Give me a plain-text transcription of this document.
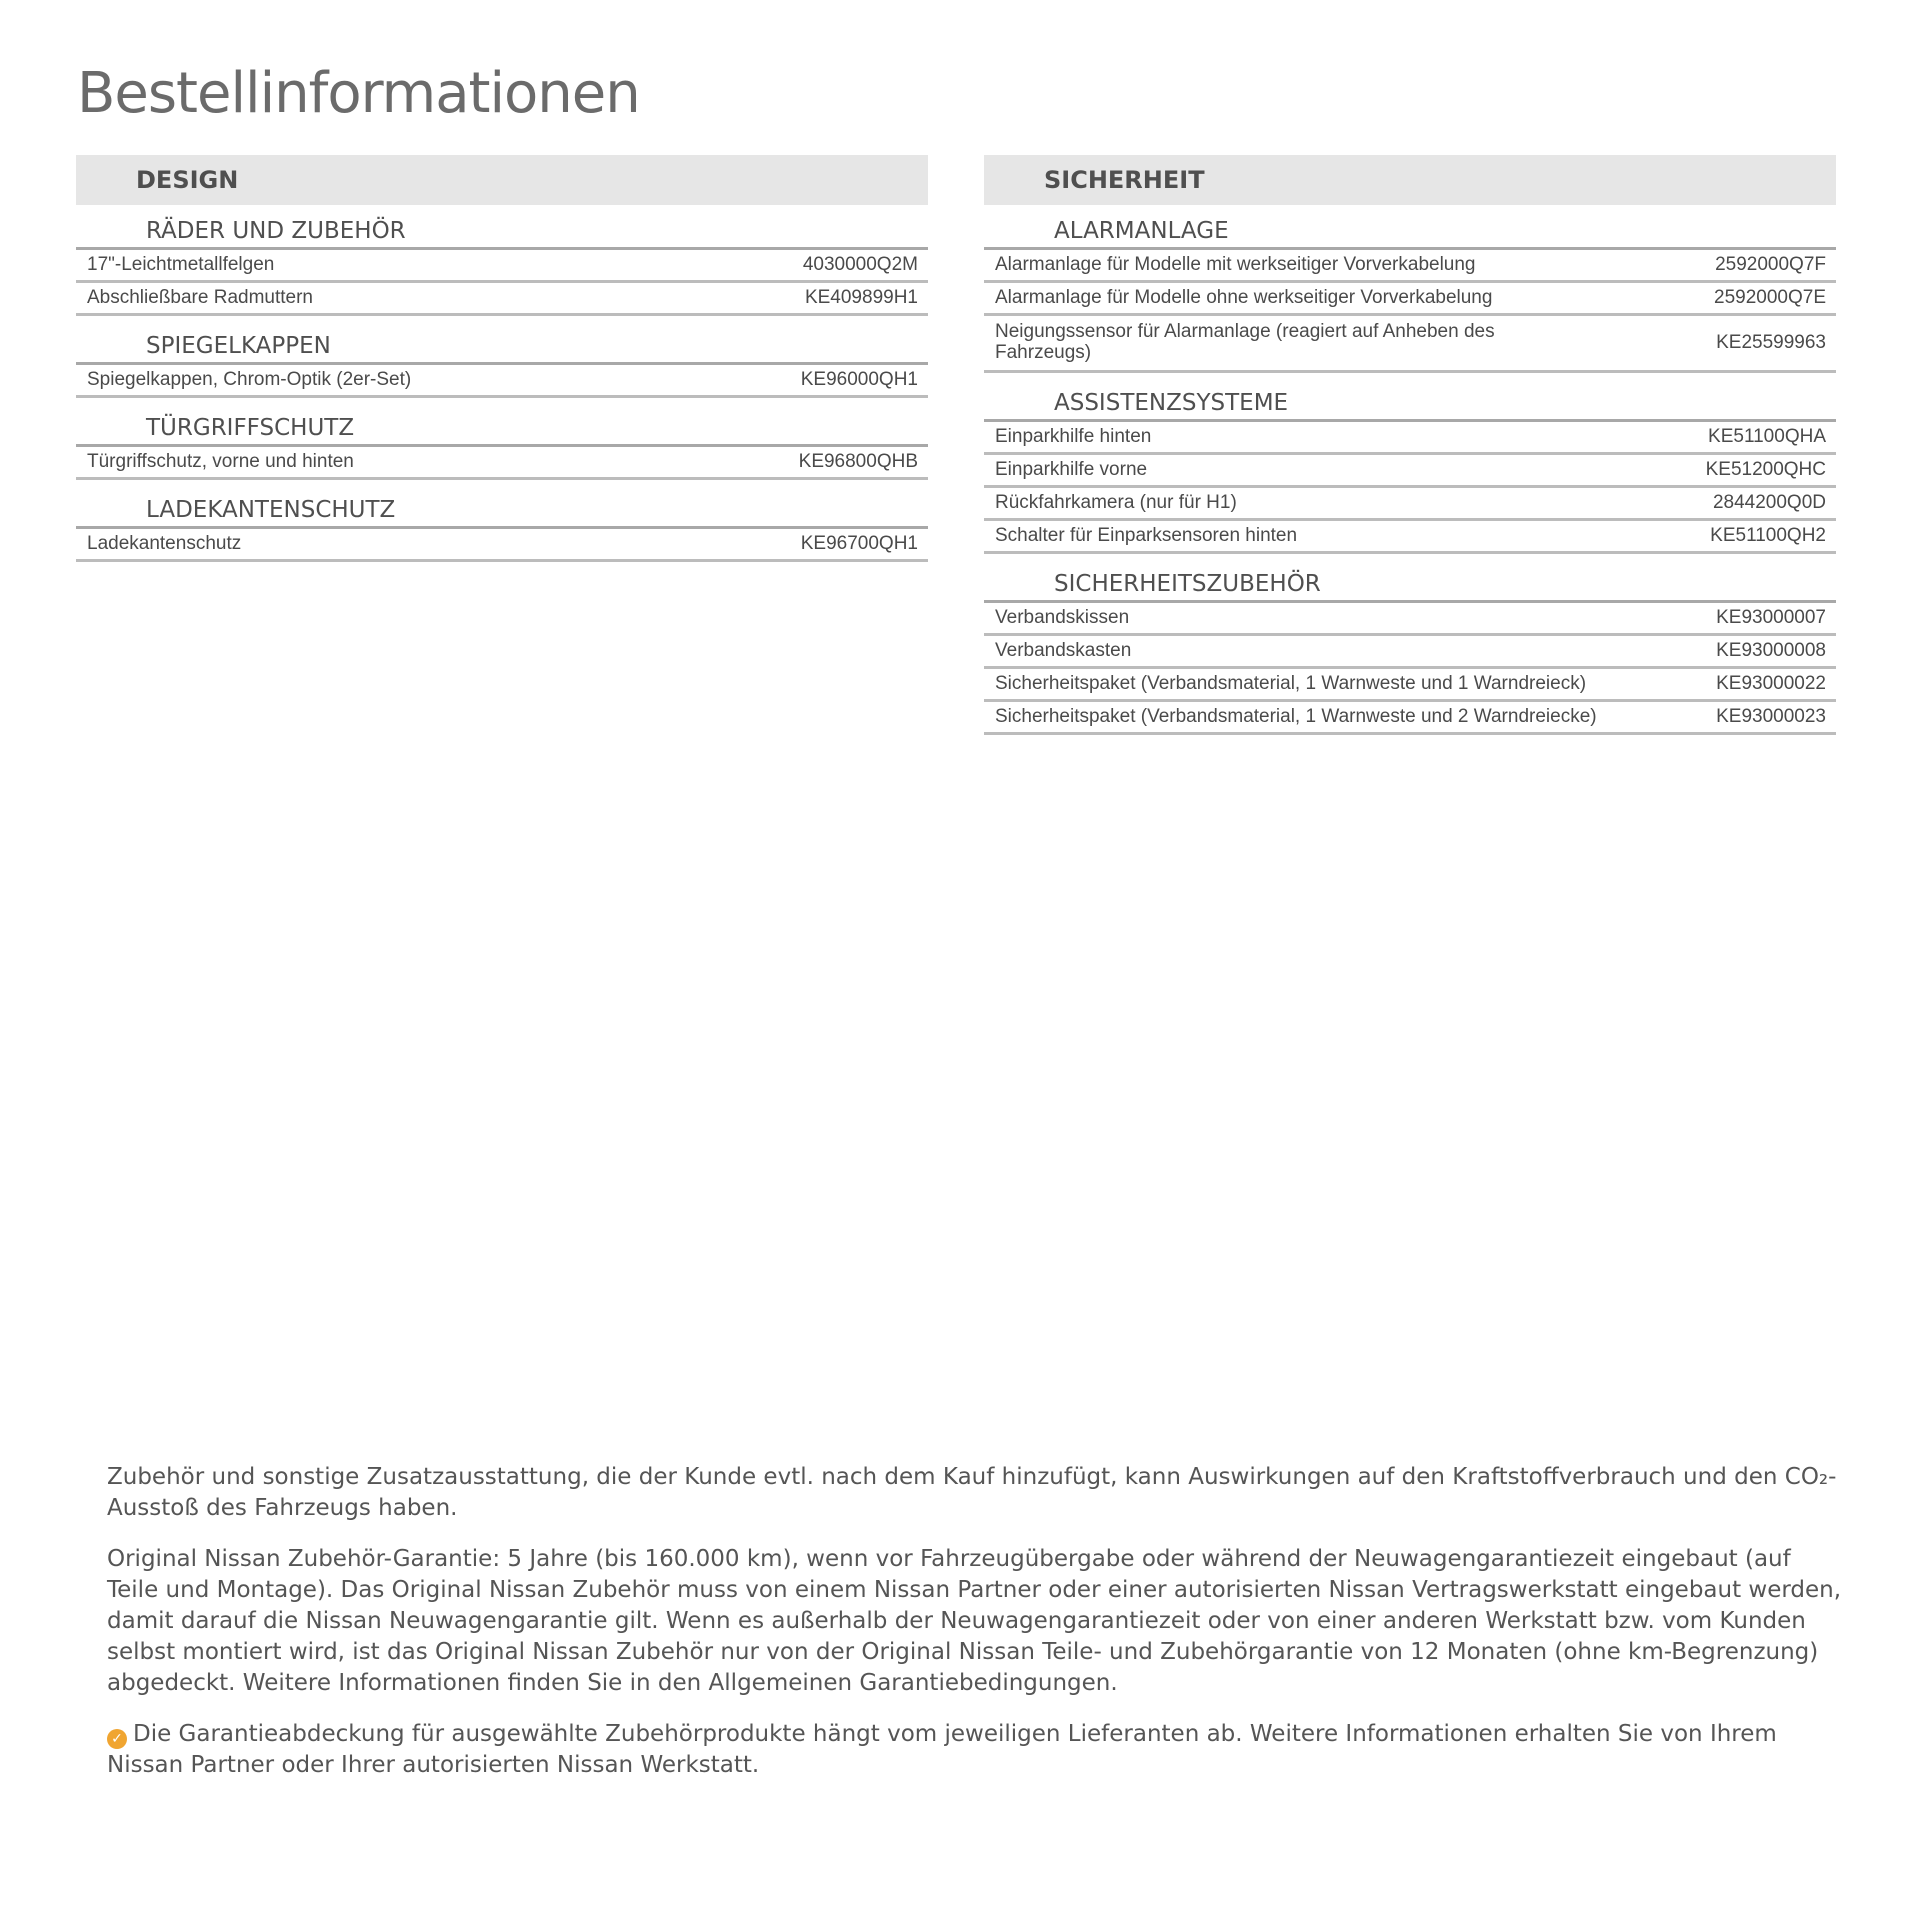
Bestellinformationen
DESIGN
RÄDER UND ZUBEHÖR
17"-Leichtmetallfelgen	4030000Q2M
Abschließbare Radmuttern	KE409899H1
SPIEGELKAPPEN
Spiegelkappen, Chrom-Optik (2er-Set)	KE96000QH1
TÜRGRIFFSCHUTZ
Türgriffschutz, vorne und hinten	KE96800QHB
LADEKANTENSCHUTZ
Ladekantenschutz	KE96700QH1
SICHERHEIT
ALARMANLAGE
Alarmanlage für Modelle mit werkseitiger Vorverkabelung	2592000Q7F
Alarmanlage für Modelle ohne werkseitiger Vorverkabelung	2592000Q7E
Neigungssensor für Alarmanlage (reagiert auf Anheben des Fahrzeugs)	KE25599963
ASSISTENZSYSTEME
Einparkhilfe hinten	KE51100QHA
Einparkhilfe vorne	KE51200QHC
Rückfahrkamera (nur für H1)	2844200Q0D
Schalter für Einparksensoren hinten	KE51100QH2
SICHERHEITSZUBEHÖR
Verbandskissen	KE93000007
Verbandskasten	KE93000008
Sicherheitspaket (Verbandsmaterial, 1 Warnweste und 1 Warndreieck)	KE93000022
Sicherheitspaket (Verbandsmaterial, 1 Warnweste und 2 Warndreiecke)	KE93000023

Zubehör und sonstige Zusatzausstattung, die der Kunde evtl. nach dem Kauf hinzufügt, kann Auswirkungen auf den Kraftstoffverbrauch und den CO₂-Ausstoß des Fahrzeugs haben.

Original Nissan Zubehör-Garantie: 5 Jahre (bis 160.000 km), wenn vor Fahrzeugübergabe oder während der Neuwagengarantiezeit eingebaut (auf Teile und Montage). Das Original Nissan Zubehör muss von einem Nissan Partner oder einer autorisierten Nissan Vertragswerkstatt eingebaut werden, damit darauf die Nissan Neuwagengarantie gilt. Wenn es außerhalb der Neuwagengarantiezeit oder von einer anderen Werkstatt bzw. vom Kunden selbst montiert wird, ist das Original Nissan Zubehör nur von der Original Nissan Teile- und Zubehörgarantie von 12 Monaten (ohne km-Begrenzung) abgedeckt. Weitere Informationen finden Sie in den Allgemeinen Garantiebedingungen.

✓ Die Garantieabdeckung für ausgewählte Zubehörprodukte hängt vom jeweiligen Lieferanten ab. Weitere Informationen erhalten Sie von Ihrem Nissan Partner oder Ihrer autorisierten Nissan Werkstatt.
